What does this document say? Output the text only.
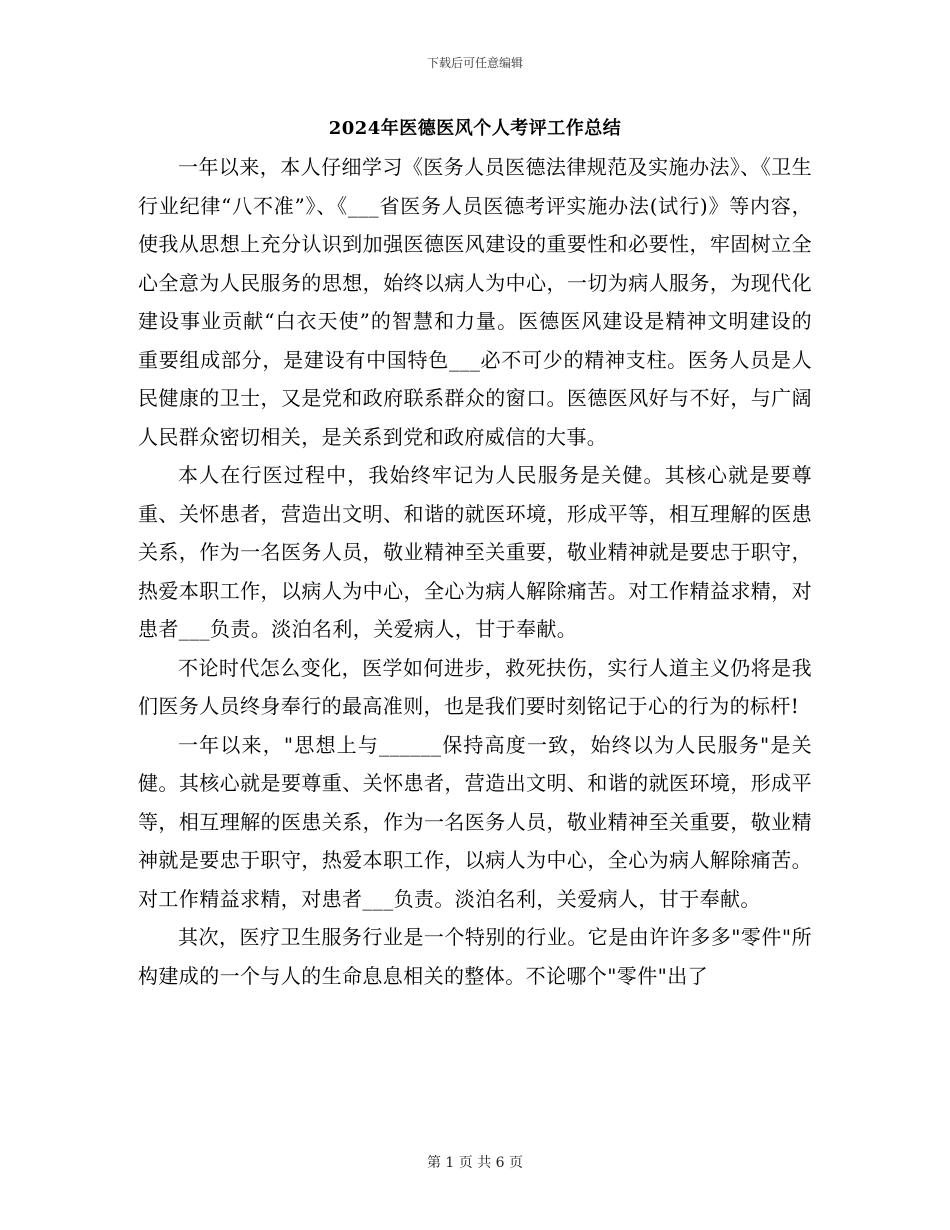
下载后可任意编辑
2024年医德医风个人考评工作总结

一年以来，本人仔细学习《医务人员医德法律规范及实施办法》、《卫生行业纪律“八不准”》、《___省医务人员医德考评实施办法(试行)》等内容，使我从思想上充分认识到加强医德医风建设的重要性和必要性，牢固树立全心全意为人民服务的思想，始终以病人为中心，一切为病人服务，为现代化建设事业贡献“白衣天使”的智慧和力量。医德医风建设是精神文明建设的重要组成部分，是建设有中国特色___必不可少的精神支柱。医务人员是人民健康的卫士，又是党和政府联系群众的窗口。医德医风好与不好，与广阔人民群众密切相关，是关系到党和政府威信的大事。

本人在行医过程中，我始终牢记为人民服务是关健。其核心就是要尊重、关怀患者，营造出文明、和谐的就医环境，形成平等，相互理解的医患关系，作为一名医务人员，敬业精神至关重要，敬业精神就是要忠于职守，热爱本职工作，以病人为中心，全心为病人解除痛苦。对工作精益求精，对患者___负责。淡泊名利，关爱病人，甘于奉献。

不论时代怎么变化，医学如何进步，救死扶伤，实行人道主义仍将是我们医务人员终身奉行的最高准则，也是我们要时刻铭记于心的行为的标杆!

一年以来，"思想上与______保持高度一致，始终以为人民服务"是关健。其核心就是要尊重、关怀患者，营造出文明、和谐的就医环境，形成平等，相互理解的医患关系，作为一名医务人员，敬业精神至关重要，敬业精神就是要忠于职守，热爱本职工作，以病人为中心，全心为病人解除痛苦。对工作精益求精，对患者___负责。淡泊名利，关爱病人，甘于奉献。

其次，医疗卫生服务行业是一个特别的行业。它是由许许多多"零件"所构建成的一个与人的生命息息相关的整体。不论哪个"零件"出了

第 1 页 共 6 页
